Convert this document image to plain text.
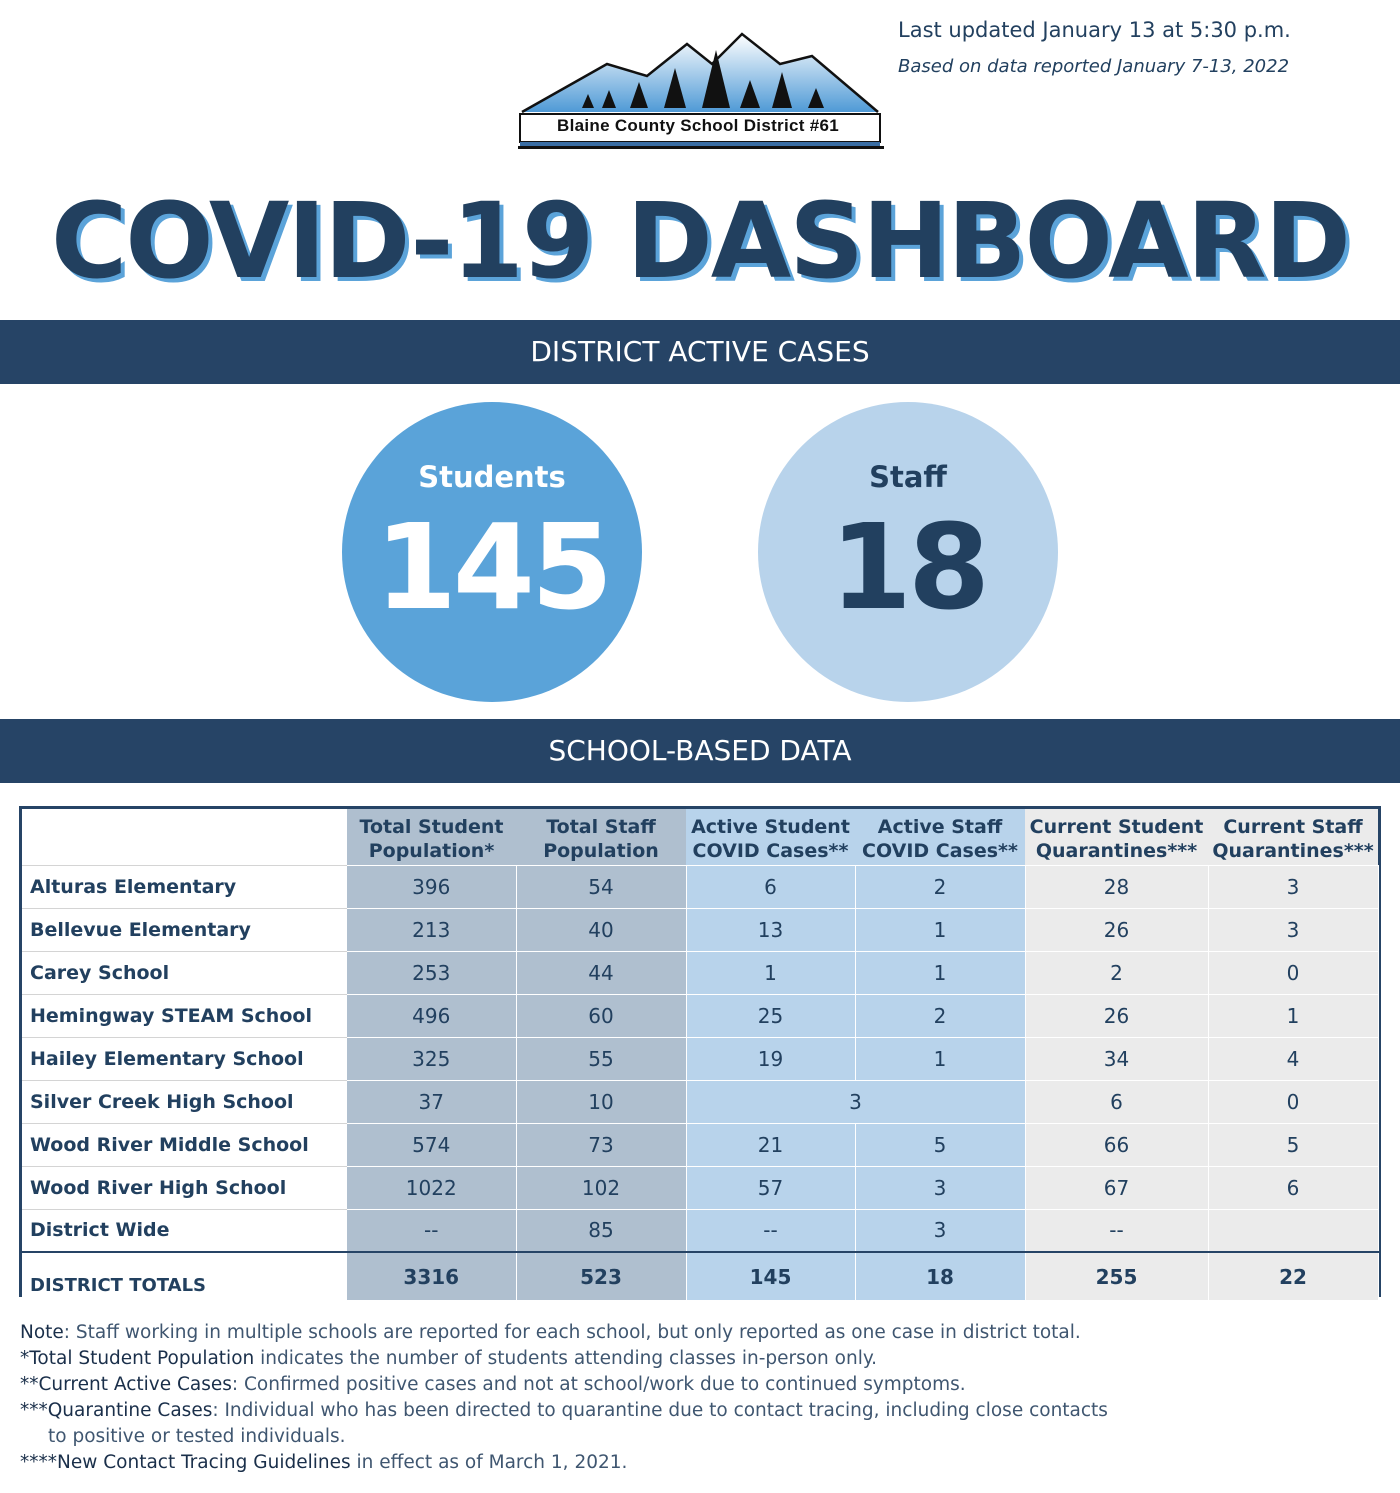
Blaine County School District #61
Last updated January 13 at 5:30 p.m.
Based on data reported January 7-13, 2022
COVID-19 DASHBOARD
DISTRICT ACTIVE CASES
Students
145
Staff
18
SCHOOL-BASED DATA
	Total Student Population*	Total Staff Population	Active Student COVID Cases**	Active Staff COVID Cases**	Current Student Quarantines***	Current Staff Quarantines***
Alturas Elementary	396	54	6	2	28	3
Bellevue Elementary	213	40	13	1	26	3
Carey School	253	44	1	1	2	0
Hemingway STEAM School	496	60	25	2	26	1
Hailey Elementary School	325	55	19	1	34	4
Silver Creek High School	37	10	3		6	0
Wood River Middle School	574	73	21	5	66	5
Wood River High School	1022	102	57	3	67	6
District Wide	--	85	--	3	--	
DISTRICT TOTALS	3316	523	145	18	255	22

Note: Staff working in multiple schools are reported for each school, but only reported as one case in district total.

*Total Student Population indicates the number of students attending classes in-person only.

**Current Active Cases: Confirmed positive cases and not at school/work due to continued symptoms.

***Quarantine Cases: Individual who has been directed to quarantine due to contact tracing, including close contacts

to positive or tested individuals.

****New Contact Tracing Guidelines in effect as of March 1, 2021.
